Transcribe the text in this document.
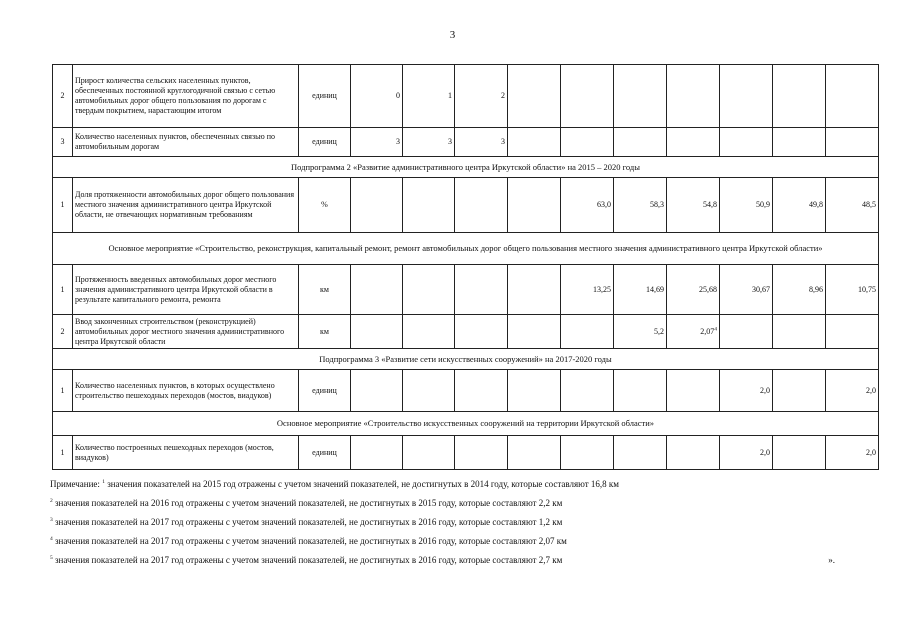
3
2	Прирост количества сельских населенных пунктов, обеспеченных постоянной круглогодичной связью с сетью автомобильных дорог общего пользования по дорогам с твердым покрытием, нарастающим итогом	единиц	0	1	2							
3	Количество населенных пунктов, обеспеченных связью по автомобильным дорогам	единиц	3	3	3							
Подпрограмма 2 «Развитие административного центра Иркутской области» на 2015 – 2020 годы												
1	Доля протяженности автомобильных дорог общего пользования местного значения административного центра Иркутской области, не отвечающих нормативным требованиям	%					63,0	58,3	54,8	50,9	49,8	48,5
Основное мероприятие «Строительство, реконструкция, капитальный ремонт, ремонт автомобильных дорог общего пользования местного значения административного центра Иркутской области»												
1	Протяженность введенных автомобильных дорог местного значения административного центра Иркутской области в результате капитального ремонта, ремонта	км					13,25	14,69	25,68	30,67	8,96	10,75
2	Ввод законченных строительством (реконструкцией) автомобильных дорог местного значения административного центра Иркутской области	км						5,2	2,07$^4$			
Подпрограмма 3 «Развитие сети искусственных сооружений» на 2017-2020 годы												
1	Количество населенных пунктов, в которых осуществлено строительство пешеходных переходов (мостов, виадуков)	единиц								2,0		2,0
Основное мероприятие «Строительство искусственных сооружений на территории Иркутской области»												
1	Количество построенных пешеходных переходов (мостов, виадуков)	единиц								2,0		2,0
Примечание: $^1$ значения показателей на 2015 год отражены с учетом значений показателей, не достигнутых в 2014 году, которые составляют 16,8 км
$^2$ значения показателей на 2016 год отражены с учетом значений показателей, не достигнутых в 2015 году, которые составляют 2,2 км
$^3$ значения показателей на 2017 год отражены с учетом значений показателей, не достигнутых в 2016 году, которые составляют 1,2 км
$^4$ значения показателей на 2017 год отражены с учетом значений показателей, не достигнутых в 2016 году, которые составляют 2,07 км
$^5$ значения показателей на 2017 год отражены с учетом значений показателей, не достигнутых в 2016 году, которые составляют 2,7 км	».
